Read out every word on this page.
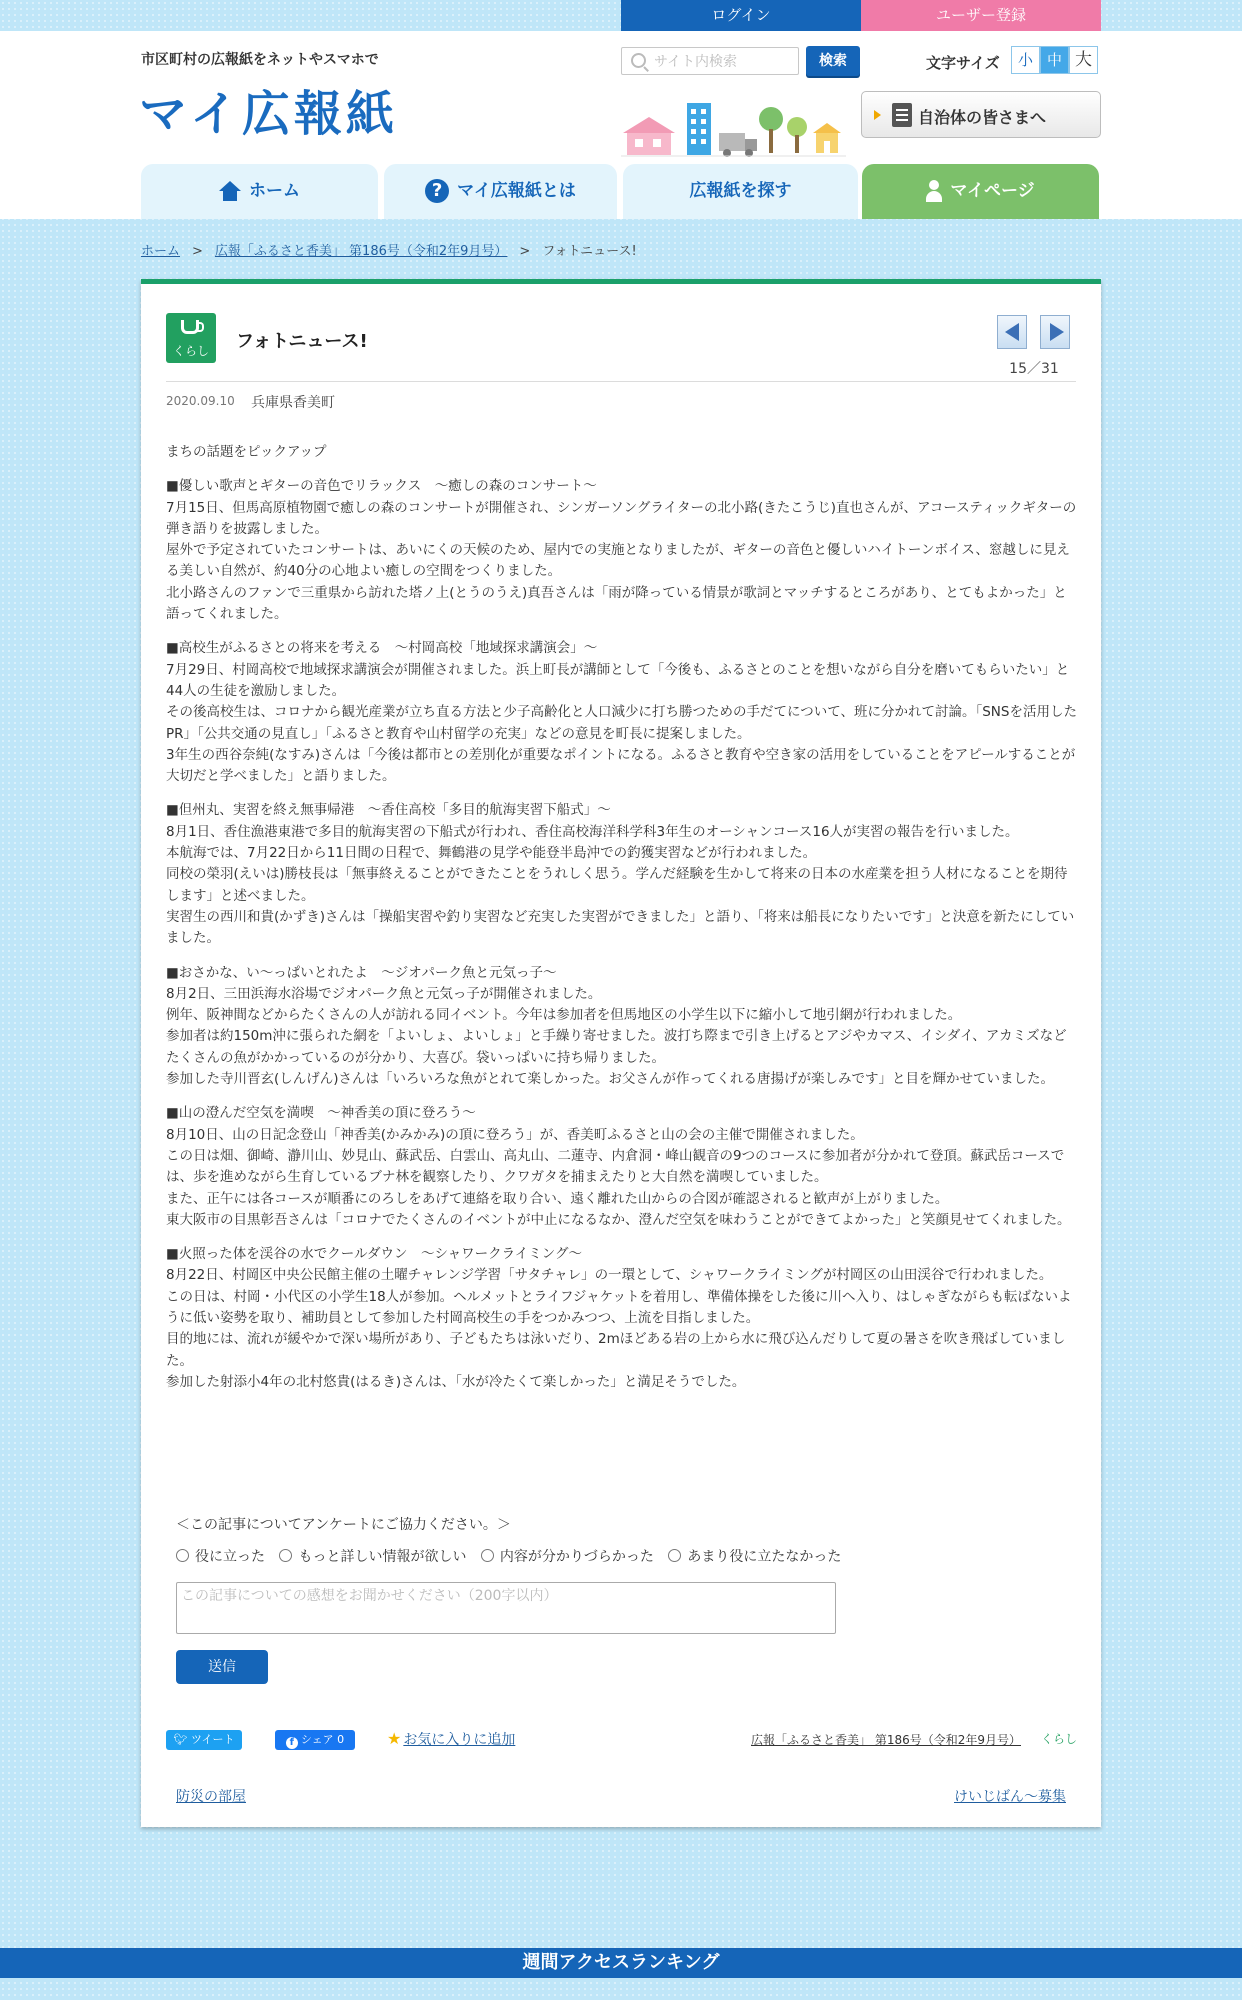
ログイン	ユーザー登録
市区町村の広報紙をネットやスマホで
マイ広報紙
サイト内検索
検索	文字サイズ	小 中 大
自治体の皆さまへ
ホーム	? マイ広報紙とは	広報紙を探す	マイページ
ホーム > 広報「ふるさと香美」 第186号（令和2年9月号） > フォトニュース!
くらし	フォトニュース!
15／31
2020.09.10 兵庫県香美町

まちの話題をピックアップ

■優しい歌声とギターの音色でリラックス　～癒しの森のコンサート～
7月15日、但馬高原植物園で癒しの森のコンサートが開催され、シンガーソングライターの北小路(きたこうじ)直也さんが、アコースティックギターの弾き語りを披露しました。
屋外で予定されていたコンサートは、あいにくの天候のため、屋内での実施となりましたが、ギターの音色と優しいハイトーンボイス、窓越しに見える美しい自然が、約40分の心地よい癒しの空間をつくりました。
北小路さんのファンで三重県から訪れた塔ノ上(とうのうえ)真吾さんは「雨が降っている情景が歌詞とマッチするところがあり、とてもよかった」と語ってくれました。

■高校生がふるさとの将来を考える　～村岡高校「地域探求講演会」～
7月29日、村岡高校で地域探求講演会が開催されました。浜上町長が講師として「今後も、ふるさとのことを想いながら自分を磨いてもらいたい」と44人の生徒を激励しました。
その後高校生は、コロナから観光産業が立ち直る方法と少子高齢化と人口減少に打ち勝つための手だてについて、班に分かれて討論。「SNSを活用したPR」「公共交通の見直し」「ふるさと教育や山村留学の充実」などの意見を町長に提案しました。
3年生の西谷奈純(なすみ)さんは「今後は都市との差別化が重要なポイントになる。ふるさと教育や空き家の活用をしていることをアピールすることが大切だと学べました」と語りました。

■但州丸、実習を終え無事帰港　～香住高校「多目的航海実習下船式」～
8月1日、香住漁港東港で多目的航海実習の下船式が行われ、香住高校海洋科学科3年生のオーシャンコース16人が実習の報告を行いました。
本航海では、7月22日から11日間の日程で、舞鶴港の見学や能登半島沖での釣獲実習などが行われました。
同校の榮羽(えいは)勝枝長は「無事終えることができたことをうれしく思う。学んだ経験を生かして将来の日本の水産業を担う人材になることを期待します」と述べました。
実習生の西川和貴(かずき)さんは「操船実習や釣り実習など充実した実習ができました」と語り、「将来は船長になりたいです」と決意を新たにしていました。

■おさかな、い～っぱいとれたよ　～ジオパーク魚と元気っ子～
8月2日、三田浜海水浴場でジオパーク魚と元気っ子が開催されました。
例年、阪神間などからたくさんの人が訪れる同イベント。今年は参加者を但馬地区の小学生以下に縮小して地引網が行われました。
参加者は約150m沖に張られた網を「よいしょ、よいしょ」と手繰り寄せました。波打ち際まで引き上げるとアジやカマス、イシダイ、アカミズなどたくさんの魚がかかっているのが分かり、大喜び。袋いっぱいに持ち帰りました。
参加した寺川晋玄(しんげん)さんは「いろいろな魚がとれて楽しかった。お父さんが作ってくれる唐揚げが楽しみです」と目を輝かせていました。

■山の澄んだ空気を満喫　～神香美の頂に登ろう～
8月10日、山の日記念登山「神香美(かみかみ)の頂に登ろう」が、香美町ふるさと山の会の主催で開催されました。
この日は畑、御崎、瀞川山、妙見山、蘇武岳、白雲山、高丸山、二蓮寺、内倉洞・峰山観音の9つのコースに参加者が分かれて登頂。蘇武岳コースでは、歩を進めながら生育しているブナ林を観察したり、クワガタを捕まえたりと大自然を満喫していました。
また、正午には各コースが順番にのろしをあげて連絡を取り合い、遠く離れた山からの合図が確認されると歓声が上がりました。
東大阪市の目黒彰吾さんは「コロナでたくさんのイベントが中止になるなか、澄んだ空気を味わうことができてよかった」と笑顔見せてくれました。

■火照った体を渓谷の水でクールダウン　～シャワークライミング～
8月22日、村岡区中央公民館主催の土曜チャレンジ学習「サタチャレ」の一環として、シャワークライミングが村岡区の山田渓谷で行われました。
この日は、村岡・小代区の小学生18人が参加。ヘルメットとライフジャケットを着用し、準備体操をした後に川へ入り、はしゃぎながらも転ばないように低い姿勢を取り、補助員として参加した村岡高校生の手をつかみつつ、上流を目指しました。
目的地には、流れが緩やかで深い場所があり、子どもたちは泳いだり、2mほどある岩の上から水に飛び込んだりして夏の暑さを吹き飛ばしていました。
参加した射添小4年の北村悠貴(はるき)さんは、「水が冷たくて楽しかった」と満足そうでした。

＜この記事についてアンケートにご協力ください。＞
役に立った もっと詳しい情報が欲しい 内容が分かりづらかった あまり役に立たなかった
この記事についての感想をお聞かせください（200字以内）
送信
🐦︎ ツイート	f シェア 0	★ お気に入りに追加	広報「ふるさと香美」 第186号（令和2年9月号） くらし
防災の部屋	けいじばん～募集
週間アクセスランキング
